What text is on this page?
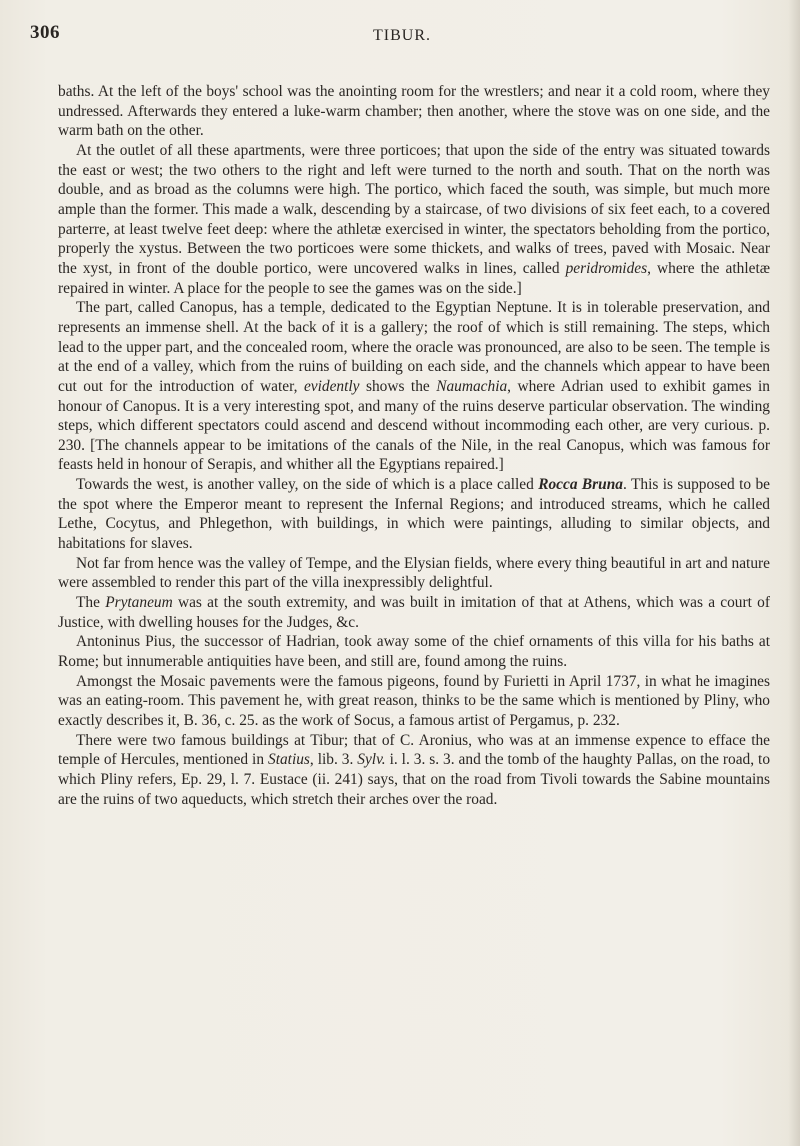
306	TIBUR.

baths. At the left of the boys' school was the anointing room for the wrestlers; and near it a cold room, where they undressed. Afterwards they entered a luke-warm chamber; then another, where the stove was on one side, and the warm bath on the other.

At the outlet of all these apartments, were three porticoes; that upon the side of the entry was situated towards the east or west; the two others to the right and left were turned to the north and south. That on the north was double, and as broad as the columns were high. The portico, which faced the south, was simple, but much more ample than the former. This made a walk, descending by a staircase, of two divisions of six feet each, to a covered parterre, at least twelve feet deep: where the athletæ exercised in winter, the spectators beholding from the portico, properly the xystus. Between the two porticoes were some thickets, and walks of trees, paved with Mosaic. Near the xyst, in front of the double portico, were uncovered walks in lines, called peridromides, where the athletæ repaired in winter. A place for the people to see the games was on the side.]

The part, called Canopus, has a temple, dedicated to the Egyptian Neptune. It is in tolerable preservation, and represents an immense shell. At the back of it is a gallery; the roof of which is still remaining. The steps, which lead to the upper part, and the concealed room, where the oracle was pronounced, are also to be seen. The temple is at the end of a valley, which from the ruins of building on each side, and the channels which appear to have been cut out for the introduction of water, evidently shows the Naumachia, where Adrian used to exhibit games in honour of Canopus. It is a very interesting spot, and many of the ruins deserve particular observation. The winding steps, which different spectators could ascend and descend without incommoding each other, are very curious. p. 230. [The channels appear to be imitations of the canals of the Nile, in the real Canopus, which was famous for feasts held in honour of Serapis, and whither all the Egyptians repaired.]

Towards the west, is another valley, on the side of which is a place called Rocca Bruna. This is supposed to be the spot where the Emperor meant to represent the Infernal Regions; and introduced streams, which he called Lethe, Cocytus, and Phlegethon, with buildings, in which were paintings, alluding to similar objects, and habitations for slaves.

Not far from hence was the valley of Tempe, and the Elysian fields, where every thing beautiful in art and nature were assembled to render this part of the villa inexpressibly delightful.

The Prytaneum was at the south extremity, and was built in imitation of that at Athens, which was a court of Justice, with dwelling houses for the Judges, &c.

Antoninus Pius, the successor of Hadrian, took away some of the chief ornaments of this villa for his baths at Rome; but innumerable antiquities have been, and still are, found among the ruins.

Amongst the Mosaic pavements were the famous pigeons, found by Furietti in April 1737, in what he imagines was an eating-room. This pavement he, with great reason, thinks to be the same which is mentioned by Pliny, who exactly describes it, B. 36, c. 25. as the work of Socus, a famous artist of Pergamus, p. 232.

There were two famous buildings at Tibur; that of C. Aronius, who was at an immense expence to efface the temple of Hercules, mentioned in Statius, lib. 3. Sylv. i. l. 3. s. 3. and the tomb of the haughty Pallas, on the road, to which Pliny refers, Ep. 29, l. 7. Eustace (ii. 241) says, that on the road from Tivoli towards the Sabine mountains are the ruins of two aqueducts, which stretch their arches over the road.
